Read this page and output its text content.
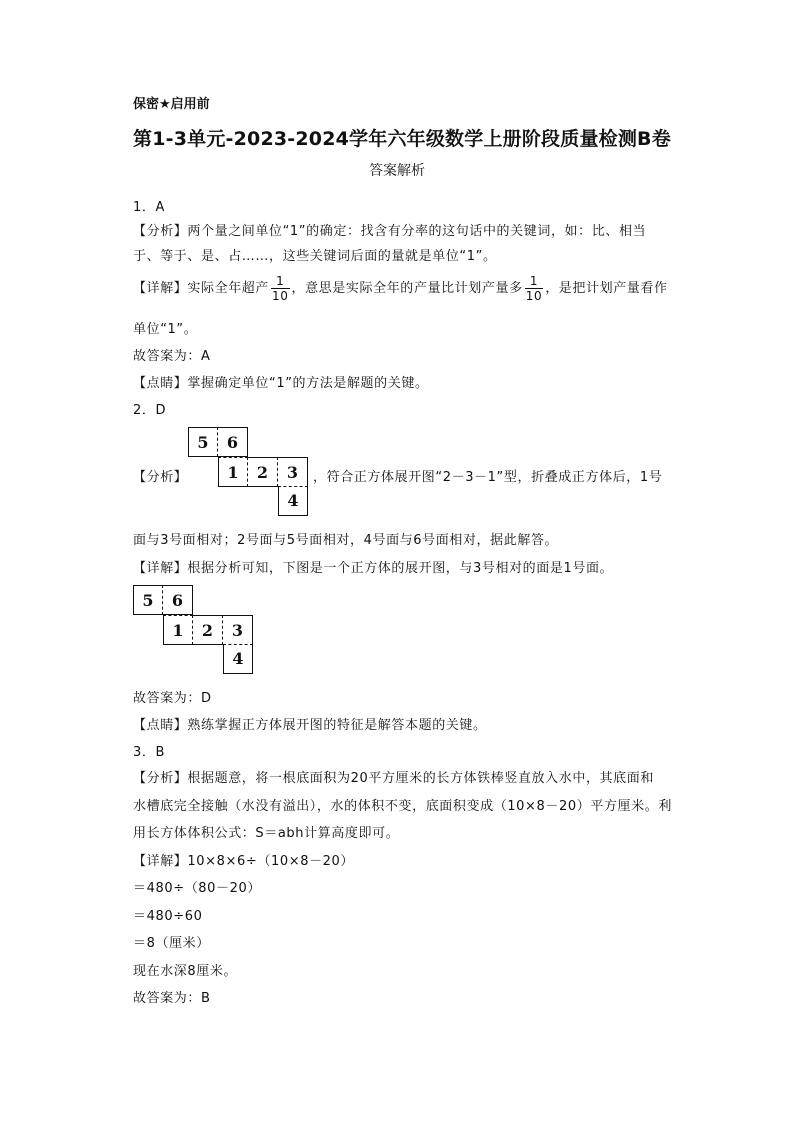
保密★启用前
第1-3单元-2023-2024学年六年级数学上册阶段质量检测B卷
答案解析
1．A
【分析】两个量之间单位“1”的确定：找含有分率的这句话中的关键词，如：比、相当
于、等于、是、占……，这些关键词后面的量就是单位“1”。
【详解】实际全年超产 $\frac{1}{10}$ ，意思是实际全年的产量比计划产量多 $\frac{1}{10}$ ，是把计划产量看作
单位“1”。
故答案为：A
【点睛】掌握确定单位“1”的方法是解题的关键。
2．D
5	6
1	2	3
4
【分析】	，符合正方体展开图“2－3－1”型，折叠成正方体后，1号
面与3号面相对；2号面与5号面相对，4号面与6号面相对，据此解答。
【详解】根据分析可知，下图是一个正方体的展开图，与3号相对的面是1号面。
5	6
1	2	3
4
故答案为：D
【点睛】熟练掌握正方体展开图的特征是解答本题的关键。
3．B
【分析】根据题意，将一根底面积为20平方厘米的长方体铁棒竖直放入水中，其底面和
水槽底完全接触（水没有溢出），水的体积不变，底面积变成（10×8－20）平方厘米。利
用长方体体积公式：S＝abh计算高度即可。
【详解】10×8×6÷（10×8－20）
＝480÷（80－20）
＝480÷60
＝8（厘米）
现在水深8厘米。
故答案为：B
